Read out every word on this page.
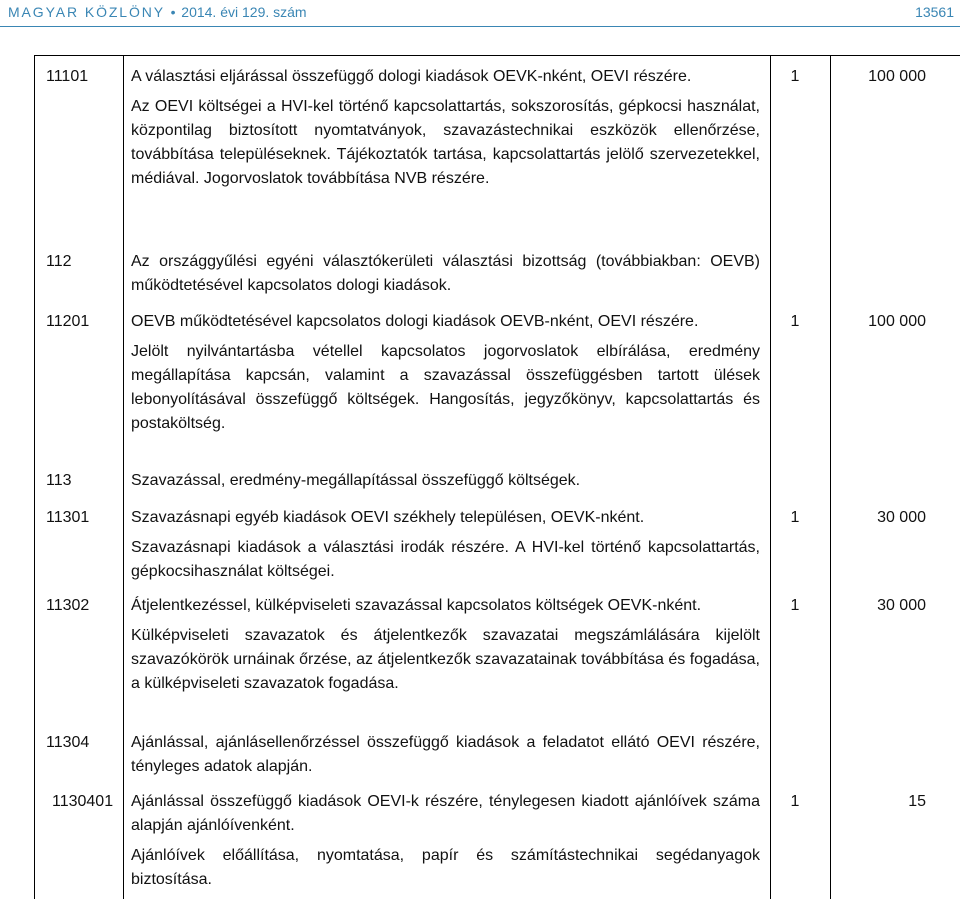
MAGYAR KÖZLÖNY • 2014. évi 129. szám	13561
11101	A választási eljárással összefüggő dologi kiadások OEVK-nként, OEVI részére.

Az OEVI költségei a HVI-kel történő kapcsolattartás, sokszorosítás, gépkocsi használat, központilag biztosított nyomtatványok, szavazástechnikai eszközök ellenőrzése, továbbítása településeknek. Tájékoztatók tartása, kapcsolattartás jelölő szervezetekkel, médiával. Jogorvoslatok továbbítása NVB részére.

1	100 000
112	Az országgyűlési egyéni választókerületi választási bizottság (továbbiakban: OEVB) működtetésével kapcsolatos dologi kiadások.

11201	OEVB működtetésével kapcsolatos dologi kiadások OEVB-nként, OEVI részére.

Jelölt nyilvántartásba vétellel kapcsolatos jogorvoslatok elbírálása, eredmény megállapítása kapcsán, valamint a szavazással összefüggésben tartott ülések lebonyolításával összefüggő költségek. Hangosítás, jegyzőkönyv, kapcsolattartás és postaköltség.

1	100 000
113	Szavazással, eredmény-megállapítással összefüggő költségek.

11301	Szavazásnapi egyéb kiadások OEVI székhely településen, OEVK-nként.

Szavazásnapi kiadások a választási irodák részére. A HVI-kel történő kapcsolattartás, gépkocsihasználat költségei.

1	30 000
11302	Átjelentkezéssel, külképviseleti szavazással kapcsolatos költségek OEVK-nként.

Külképviseleti szavazatok és átjelentkezők szavazatai megszámlálására kijelölt szavazókörök urnáinak őrzése, az átjelentkezők szavazatainak továbbítása és fogadása, a külképviseleti szavazatok fogadása.

1	30 000
11304	Ajánlással, ajánlásellenőrzéssel összefüggő kiadások a feladatot ellátó OEVI részére, tényleges adatok alapján.

1130401 Ajánlással összefüggő kiadások OEVI-k részére, ténylegesen kiadott ajánlóívek száma alapján ajánlóívenként.

Ajánlóívek előállítása, nyomtatása, papír és számítástechnikai segédanyagok biztosítása.

1	15
